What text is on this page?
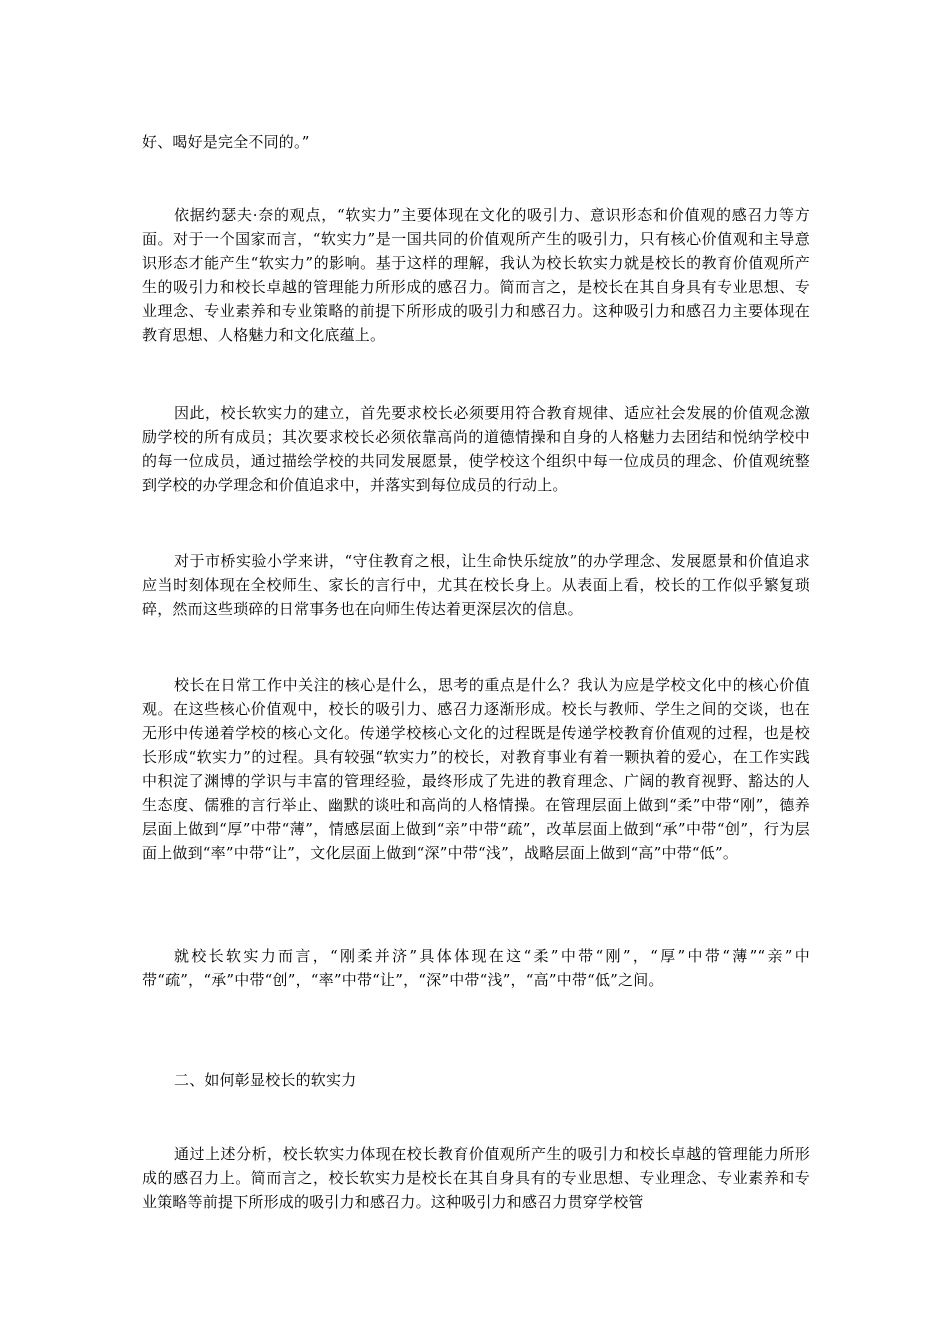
好、喝好是完全不同的。”

依据约瑟夫·奈的观点，“软实力”主要体现在文化的吸引力、意识形态和价值观的感召力等方面。对于一个国家而言，“软实力”是一国共同的价值观所产生的吸引力，只有核心价值观和主导意识形态才能产生“软实力”的影响。基于这样的理解，我认为校长软实力就是校长的教育价值观所产生的吸引力和校长卓越的管理能力所形成的感召力。简而言之，是校长在其自身具有专业思想、专业理念、专业素养和专业策略的前提下所形成的吸引力和感召力。这种吸引力和感召力主要体现在教育思想、人格魅力和文化底蕴上。

因此，校长软实力的建立，首先要求校长必须要用符合教育规律、适应社会发展的价值观念激励学校的所有成员；其次要求校长必须依靠高尚的道德情操和自身的人格魅力去团结和悦纳学校中的每一位成员，通过描绘学校的共同发展愿景，使学校这个组织中每一位成员的理念、价值观统整到学校的办学理念和价值追求中，并落实到每位成员的行动上。

对于市桥实验小学来讲，“守住教育之根，让生命快乐绽放”的办学理念、发展愿景和价值追求应当时刻体现在全校师生、家长的言行中，尤其在校长身上。从表面上看，校长的工作似乎繁复琐碎，然而这些琐碎的日常事务也在向师生传达着更深层次的信息。

校长在日常工作中关注的核心是什么，思考的重点是什么？我认为应是学校文化中的核心价值观。在这些核心价值观中，校长的吸引力、感召力逐渐形成。校长与教师、学生之间的交谈，也在无形中传递着学校的核心文化。传递学校核心文化的过程既是传递学校教育价值观的过程，也是校长形成“软实力”的过程。具有较强“软实力”的校长，对教育事业有着一颗执着的爱心，在工作实践中积淀了渊博的学识与丰富的管理经验，最终形成了先进的教育理念、广阔的教育视野、豁达的人生态度、儒雅的言行举止、幽默的谈吐和高尚的人格情操。在管理层面上做到“柔”中带“刚”，德养层面上做到“厚”中带“薄”，情感层面上做到“亲”中带“疏”，改革层面上做到“承”中带“创”，行为层面上做到“率”中带“让”，文化层面上做到“深”中带“浅”，战略层面上做到“高”中带“低”。

就校长软实力而言，“刚柔并济”具体体现在这“柔”中带“刚”，“厚”中带“薄”“亲”中带“疏”，“承”中带“创”，“率”中带“让”，“深”中带“浅”，“高”中带“低”之间。

二、如何彰显校长的软实力

通过上述分析，校长软实力体现在校长教育价值观所产生的吸引力和校长卓越的管理能力所形成的感召力上。简而言之，校长软实力是校长在其自身具有的专业思想、专业理念、专业素养和专业策略等前提下所形成的吸引力和感召力。这种吸引力和感召力贯穿学校管
